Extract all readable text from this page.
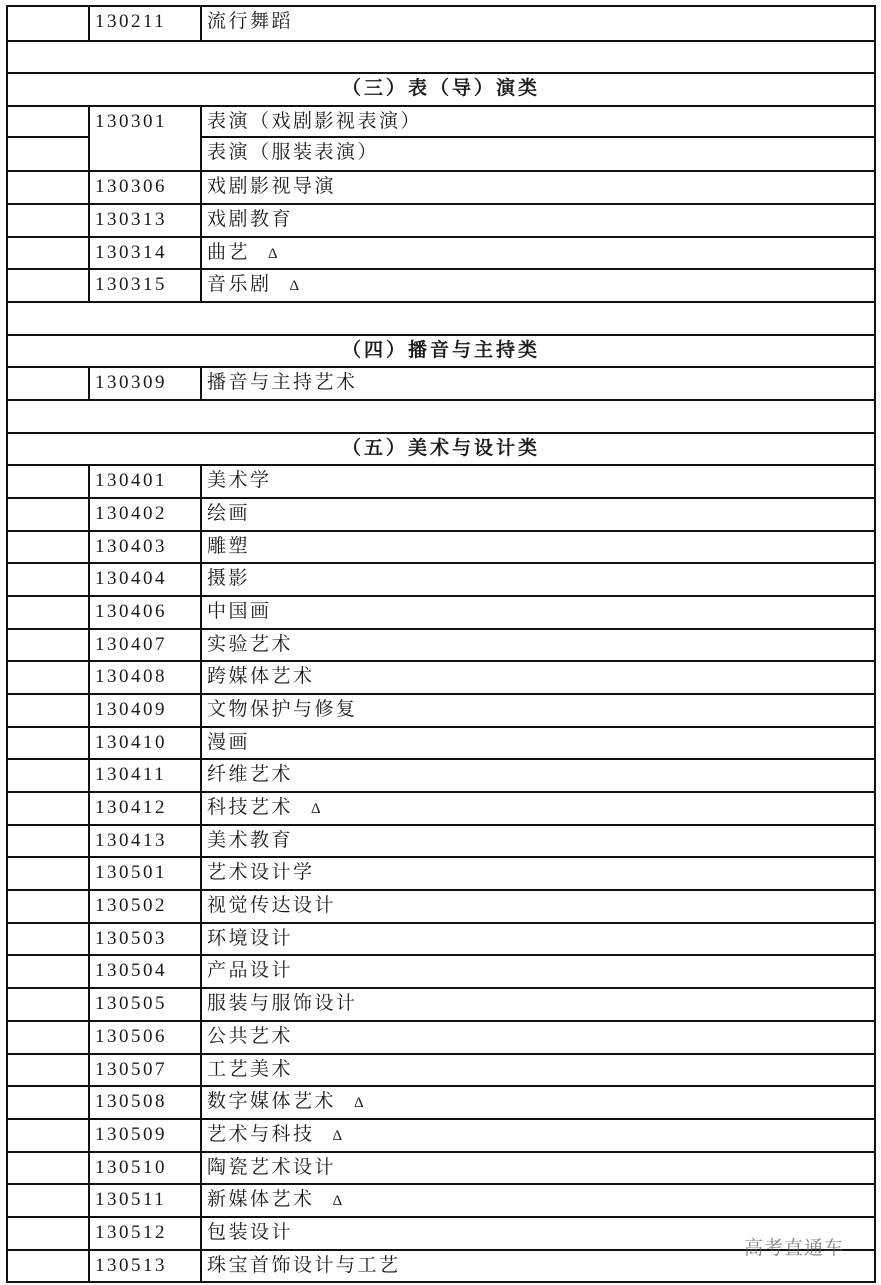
130211	流行舞蹈
（三）表（导）演类
130301	表演（戏剧影视表演）
表演（服装表演）
130306	戏剧影视导演
130313	戏剧教育
130314	曲艺 Δ
130315	音乐剧 Δ
（四）播音与主持类
130309	播音与主持艺术
（五）美术与设计类
130401	美术学
130402	绘画
130403	雕塑
130404	摄影
130406	中国画
130407	实验艺术
130408	跨媒体艺术
130409	文物保护与修复
130410	漫画
130411	纤维艺术
130412	科技艺术 Δ
130413	美术教育
130501	艺术设计学
130502	视觉传达设计
130503	环境设计
130504	产品设计
130505	服装与服饰设计
130506	公共艺术
130507	工艺美术
130508	数字媒体艺术 Δ
130509	艺术与科技 Δ
130510	陶瓷艺术设计
130511	新媒体艺术 Δ
130512	包装设计
130513	珠宝首饰设计与工艺
高考直通车
